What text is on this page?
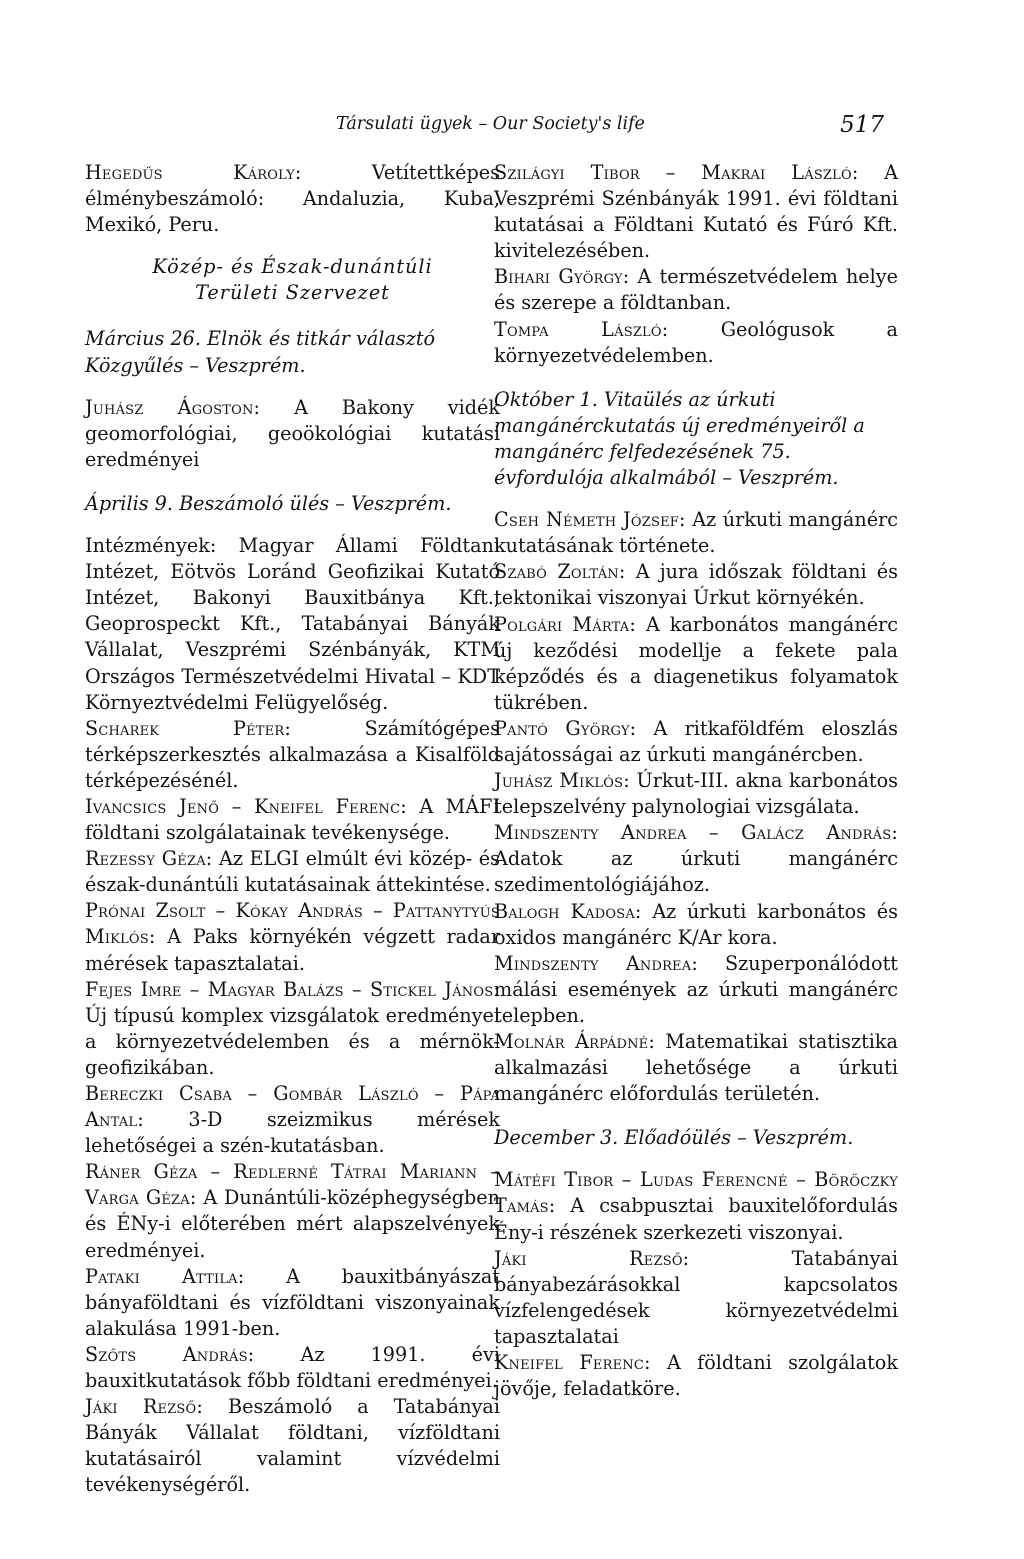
Társulati ügyek – Our Society's life	517
Hegedűs Károly:	Vetítettképes élménybeszámoló: Andaluzia, Kuba, Mexikó, Peru.
Közép- és Észak-dunántúli
Területi Szervezet
Március 26. Elnök és titkár választó Közgyűlés – Veszprém.
Juhász Ágoston: A Bakony vidék geomorfológiai, geoökológiai kutatási eredményei
Április 9. Beszámoló ülés – Veszprém.
Intézmények: Magyar Állami Földtani Intézet, Eötvös Loránd Geofizikai Kutató Intézet, Bakonyi Bauxitbánya Kft., Geoprospeckt Kft., Tatabányai Bányák Vállalat, Veszprémi Szénbányák, KTM Országos Természetvédelmi Hivatal – KDT Környeztvédelmi Felügyelőség.
Scharek Péter:	Számítógépes térképszerkesztés alkalmazása a Kisalföld térképezésénél.
Ivancsics Jenő – Kneifel Ferenc: A MÁFI földtani szolgálatainak tevékenysége.
Rezessy Géza: Az ELGI elmúlt évi közép- és észak-dunántúli kutatásainak áttekintése.
Prónai Zsolt – Kókay András – Pattanytyús Miklós: A Paks környékén végzett radar mérések tapasztalatai.
Fejes Imre – Magyar Balázs – Stickel János: Új típusú komplex vizsgálatok eredményei a környezetvédelemben és a mérnök-geofizikában.
Bereczki Csaba – Gombár László – Pápa Antal: 3-D szeizmikus mérések lehetőségei a szén-kutatásban.
Ráner Géza – Redlerné Tátrai Mariann – Varga Géza: A Dunántúli-középhegységben és ÉNy-i előterében mért alapszelvények eredményei.
Pataki Attila: A bauxitbányászat bányaföldtani és vízföldtani viszonyainak alakulása 1991-ben.
Szőts András: Az 1991. évi bauxitkutatások főbb földtani eredményei.
Jáki Rezső: Beszámoló a Tatabányai Bányák Vállalat földtani, vízföldtani kutatásairól valamint vízvédelmi tevékenységéről.
Szilágyi Tibor – Makrai László: A Veszprémi Szénbányák 1991. évi földtani kutatásai a Földtani Kutató és Fúró Kft. kivitelezésében.
Bihari György: A természetvédelem helye és szerepe a földtanban.
Tompa László:	Geológusok a környezetvédelemben.
Október 1. Vitaülés az úrkuti mangánérckutatás új eredményeiről a mangánérc felfedezésének 75. évfordulója alkalmából – Veszprém.
Cseh Németh József: Az úrkuti mangánérc kutatásának története.
Szabó Zoltán: A jura időszak földtani és tektonikai viszonyai Úrkut környékén.
Polgári Márta: A karbonátos mangánérc új keződési modellje a fekete pala képződés és a diagenetikus folyamatok tükrében.
Pantó György: A ritkaföldfém eloszlás sajátosságai az úrkuti mangánércben.
Juhász Miklós: Úrkut-III. akna karbonátos telepszelvény palynologiai vizsgálata.
Mindszenty Andrea – Galácz András: Adatok az úrkuti mangánérc szedimentológiájához.
Balogh Kadosa: Az úrkuti karbonátos és oxidos mangánérc K/Ar kora.
Mindszenty Andrea: Szuperponálódott málási események az úrkuti mangánérc telepben.
Molnár Árpádné: Matematikai statisztika alkalmazási lehetősége a úrkuti mangánérc előfordulás területén.
December 3. Előadóülés – Veszprém.
Mátéfi Tibor – Ludas Ferencné – Böröczky Tamás: A csabpusztai bauxitelőfordulás Ény-i részének szerkezeti viszonyai.
Jáki Rezső:	Tatabányai bányabezárásokkal kapcsolatos vízfelengedések környezetvédelmi tapasztalatai
Kneifel Ferenc: A földtani szolgálatok jövője, feladatköre.
